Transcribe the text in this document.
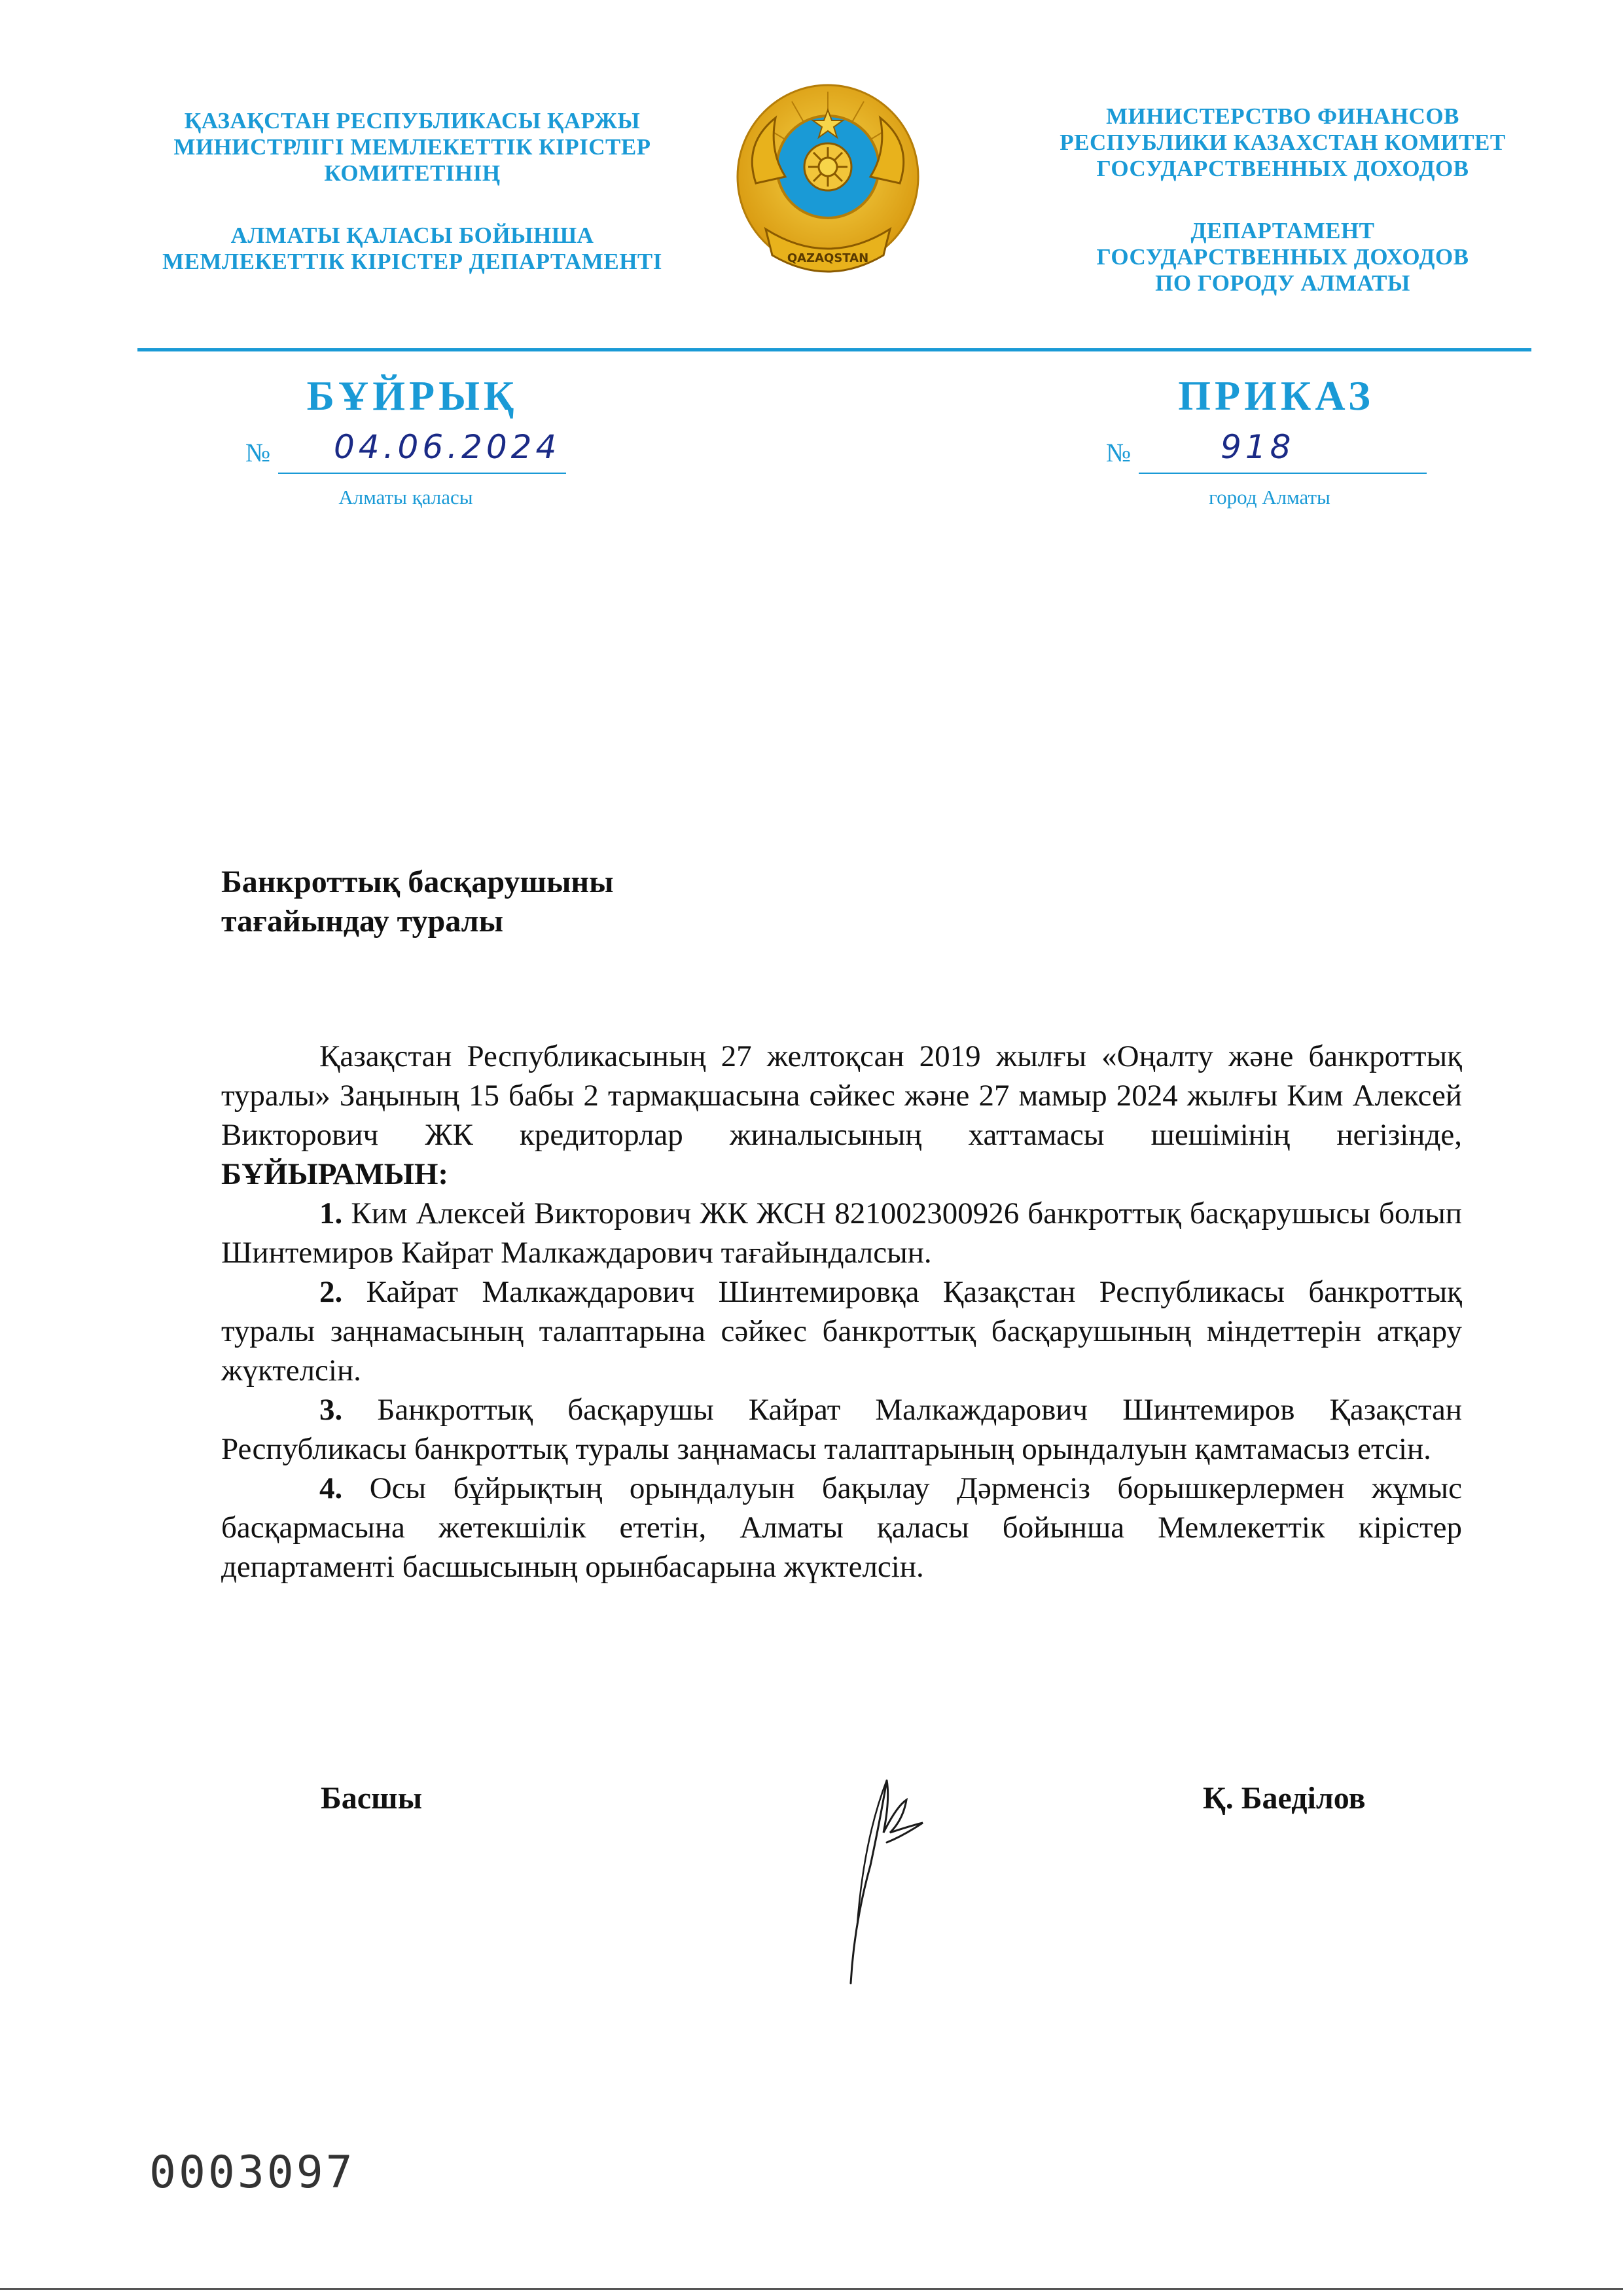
ҚАЗАҚСТАН РЕСПУБЛИКАСЫ ҚАРЖЫ

МИНИСТРЛІГІ МЕМЛЕКЕТТІК КІРІСТЕР

КОМИТЕТІНІҢ

АЛМАТЫ ҚАЛАСЫ БОЙЫНША

МЕМЛЕКЕТТІК КІРІСТЕР ДЕПАРТАМЕНТІ	QAZAQSTAN

МИНИСТЕРСТВО ФИНАНСОВ

РЕСПУБЛИКИ КАЗАХСТАН КОМИТЕТ

ГОСУДАРСТВЕННЫХ ДОХОДОВ

ДЕПАРТАМЕНТ

ГОСУДАРСТВЕННЫХ ДОХОДОВ

ПО ГОРОДУ АЛМАТЫ

БҰЙРЫҚ	ПРИКАЗ

№ 04.06.2024

Алматы қаласы

№	918

город Алматы

Банкроттық басқарушыны

тағайындау туралы

Қазақстан Республикасының 27 желтоқсан 2019 жылғы «Оңалту және банкроттық туралы» Заңының 15 бабы 2 тармақшасына сәйкес және 27 мамыр 2024 жылғы Ким Алексей Викторович ЖК кредиторлар жиналысының хаттамасы шешімінің негізінде, БҰЙЫРАМЫН:

1. Ким Алексей Викторович ЖК ЖСН 821002300926 банкроттық басқарушысы болып Шинтемиров Кайрат Малкаждарович тағайындалсын.

2. Кайрат Малкаждарович Шинтемировқа Қазақстан Республикасы банкроттық туралы заңнамасының талаптарына сәйкес банкроттық басқарушының міндеттерін атқару жүктелсін.

3. Банкроттық басқарушы Кайрат Малкаждарович Шинтемиров Қазақстан Республикасы банкроттық туралы заңнамасы талаптарының орындалуын қамтамасыз етсін.

4. Осы бұйрықтың орындалуын бақылау Дәрменсіз борышкерлермен жұмыс басқармасына жетекшілік ететін, Алматы қаласы бойынша Мемлекеттік кірістер департаменті басшысының орынбасарына жүктелсін.

Басшы	Қ. Баеділов

0003097
